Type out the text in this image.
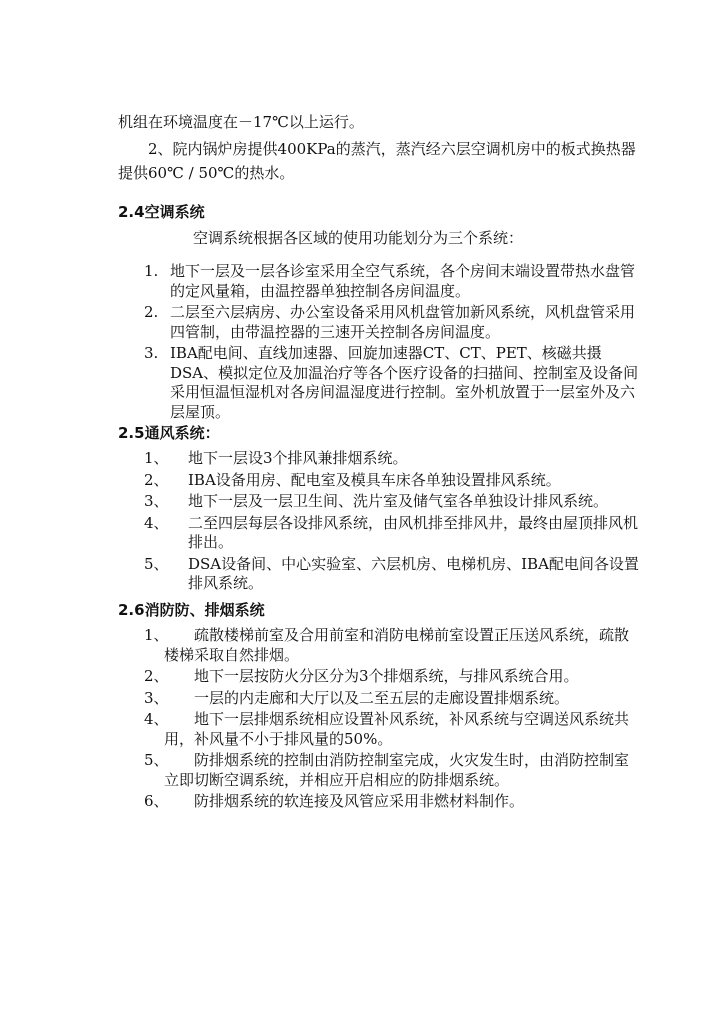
机组在环境温度在－17℃以上运行。

2、院内锅炉房提供400KPa的蒸汽，蒸汽经六层空调机房中的板式换热器提供60℃ / 50℃的热水。

2.4空调系统

空调系统根据各区域的使用功能划分为三个系统：

1. 地下一层及一层各诊室采用全空气系统，各个房间末端设置带热水盘管的定风量箱，由温控器单独控制各房间温度。
2. 二层至六层病房、办公室设备采用风机盘管加新风系统，风机盘管采用四管制，由带温控器的三速开关控制各房间温度。
3. IBA配电间、直线加速器、回旋加速器CT、CT、PET、核磁共摄DSA、模拟定位及加温治疗等各个医疗设备的扫描间、控制室及设备间采用恒温恒湿机对各房间温湿度进行控制。室外机放置于一层室外及六层屋顶。
2.5通风系统：
1、 地下一层设3个排风兼排烟系统。
2、 IBA设备用房、配电室及模具车床各单独设置排风系统。
3、 地下一层及一层卫生间、洗片室及储气室各单独设计排风系统。
4、 二至四层每层各设排风系统，由风机排至排风井，最终由屋顶排风机排出。
5、 DSA设备间、中心实验室、六层机房、电梯机房、IBA配电间各设置排风系统。
2.6消防防、排烟系统
1、	疏散楼梯前室及合用前室和消防电梯前室设置正压送风系统，疏散楼梯采取自然排烟。
2、	地下一层按防火分区分为3个排烟系统，与排风系统合用。
3、	一层的内走廊和大厅以及二至五层的走廊设置排烟系统。
4、	地下一层排烟系统相应设置补风系统，补风系统与空调送风系统共用，补风量不小于排风量的50%。
5、	防排烟系统的控制由消防控制室完成，火灾发生时，由消防控制室立即切断空调系统，并相应开启相应的防排烟系统。
6、	防排烟系统的软连接及风管应采用非燃材料制作。
